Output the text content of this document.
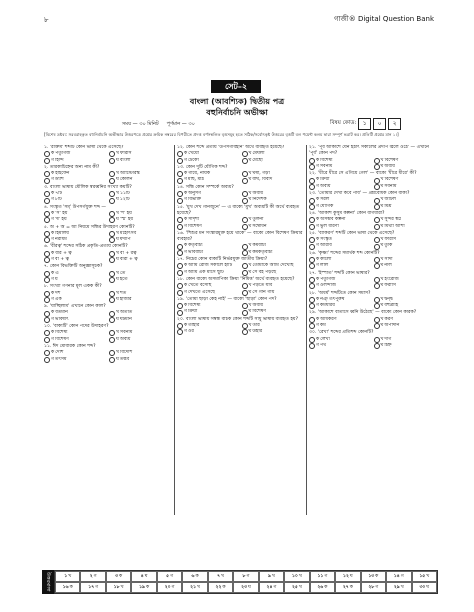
৮	গাজী® Digital Question Bank
সেট–২
বাংলা (আবশ্যিক) দ্বিতীয় পত্র
বহুনির্বাচনি অভীক্ষা
সময় — ৩০ মিনিট পূর্ণমান — ৩০	বিষয় কোড:	১	০	২
[বিশেষ দ্রষ্টব্য: সরবরাহকৃত বহুনির্বাচনি অভীক্ষার উত্তরপত্রে প্রশ্নের ক্রমিক নম্বরের বিপরীতে প্রদত্ত বর্ণসম্বলিত বৃত্তসমূহ হতে সঠিক/সর্বোৎকৃষ্ট উত্তরের বৃত্তটি বল পয়েন্ট কলম দ্বারা সম্পূর্ণ ভরাট কর। প্রতিটি প্রশ্নের মান ১।]
১. 'রক্তিম' শব্দটি কোন ভাষা থেকে এসেছে?
ক পর্তুগিজ	খ ফারসি
গ হিন্দি	ঘ বাংলা
২. তারকাচিহ্নের অন্য নাম কী?
ক হাইফেন	খ অ্যাস্টেরিস্ক
গ ড্যাশ	ঘ কোলন
৩. বাংলা ভাষায় মৌলিক স্বরধ্বনির সংখ্যা কয়টি?
ক ৭টি	খ ১১টি
গ ৮টি	ঘ ১২টি
৪. সংস্কৃত 'সম্' উপসর্গযুক্ত শব্দ —
ক 'স' হয়	খ 'শ' হয়
গ 'ষ' হয়	ঘ 'স্ম' হয়
৫. অ + অ = আ নিয়মে সন্ধির উদাহরণ কোনটি?
ক হিমালয়	খ মহোৎসব
গ নরাধম	ঘ যদ্যপি
৬. 'বীরত্ব' শব্দের সঠিক প্রকৃতি-প্রত্যয় কোনটি?
ক বীর + ত্ব	খ বী + রত্ব
গ বী + ত্ব	ঘ বীরা + ত্ব
৭. কোন বিভক্তিটি অনুজ্ঞাসূচক?
ক এ	খ তে
গ য়	ঘ হতে
৮. সংখ্যা গণনার মূল একক কী?
ক দশ	খ শত
গ এক	ঘ হাজার
৯. 'যাচ্ছিলাম' এখানে কোন কাল?
ক বর্তমান	খ অতীত
গ ভবিষ্যৎ	ঘ ঘটমান
১০. 'বাক্যটি' কোন পদের উদাহরণ?
ক বিশেষ্য	খ সর্বনাম
গ বিশেষণ	ঘ অব্যয়
১১. ঈদ মোবারক কোন শব্দ?
ক দেশি	খ বিদেশি
গ তৎসম	ঘ তদ্ভব
১২. কোন শব্দে প্রত্যয় 'উপসর্গবিহীন' অর্থে ব্যবহৃত হয়েছে?
ক খেয়ো	খ মেঘলা
গ টেকো	ঘ মেছো
১৩. কোন দুটি যৌগিক শব্দ?
ক গায়ে, নায়ক	খ ঘষা, গড়া
গ মাছ, মাঠ	ঘ বাঘ, বিবাদ
১৪. সন্ধি কোন সম্পর্কে অব্যয়?
ক অনুসর্গ	খ অব্যয়
গ বিভক্তি	ঘ নির্দেশক
১৫. 'মুখ দেখ গানজুনে' — এ বাক্যে 'মুখ' অব্যয়টি কী অর্থে ব্যবহৃত হয়েছে?
ক সাদৃশ্য	খ তুলনা
গ বিশেষণ	ঘ সম্বোধন
১৬. 'শিশুর মন সংস্কারমুক্ত হয়ে থাকে' — বাক্যে কোন বিশেষণ ক্রিয়ার ব্যবহার?
ক কর্তৃবাচ্য	খ কর্মবাচ্য
গ ভাববাচ্য	ঘ কর্মকর্তৃবাচ্য
১৭. নিচের কোন বাক্যটি নির্ভরযুক্ত জাতীয় ক্রিয়া?
ক আমি রোজ সকালে হাঁটি	খ তোমাকে আমি দেখেছি
গ আমি এক মাসে ছুটি	ঘ সে বই পড়ছে
১৮. কোন বাক্যে অসমাপিকা ক্রিয়া 'নিমিত্ত' অর্থে ব্যবহৃত হয়েছে?
ক খেতে বসেছি	খ পড়তে যাব
গ দেখতে এসেছে	ঘ সে গান গায়
১৯. 'তোমা ছাড়া কেহ নাই' — বাক্যে 'ছাড়া' কোন পদ?
ক বিশেষ্য	খ অব্যয়
গ ক্রিয়া	ঘ বিশেষণ
২০. বাংলা ভাষায় সম্বন্ধ বাচক কোন শব্দটি সাধু ভাষায় ব্যবহৃত হয়?
ক তাঁহার	খ তার
গ ওর	ঘ উহার
২১. 'পূর্ব আকাশে যেন হঠাৎ সকালের প্রদীপ জ্বলে ওঠে' — এখানে 'পূর্ব' কোন পদ?
ক বিশেষ্য	খ বিশেষণ
গ সর্বনাম	ঘ অব্যয়
২২. 'ধীরে ধীরে সে এগিয়ে গেল' — বাক্যে 'ধীরে ধীরে' কী?
ক ক্রিয়া	খ বিশেষণ
গ অব্যয়	ঘ সর্বনাম
২৩. 'তোমার দেখা কবে পাব' — প্রশ্নবোধক কোন বাক্য?
ক সরল	খ জটিল
গ যৌগিক	ঘ মিশ্র
২৪. 'আকাশ কুসুম কল্পনা' কোন বাগধারা?
ক অসম্ভব কল্পনা	খ সুন্দর স্বপ্ন
গ ভুল ধারণা	ঘ মিথ্যা আশা
২৫. 'ব্যাকরণ' শব্দটি কোন ভাষা থেকে এসেছে?
ক সংস্কৃত	খ ফারসি
গ আরবি	ঘ তুর্কি
২৬. 'কৃষ্ণা' শব্দের সমার্থক শব্দ কোনটি?
ক কালো	খ সাদা
গ লাল	ঘ নীল
২৭. 'ইস্পাত' শব্দটি কোন ভাষার?
ক পর্তুগিজ	খ ইংরেজি
গ ওলন্দাজ	ঘ ফরাসি
২৮. 'অধর্ম' শব্দটিতে কোন সমাস?
ক নঞ্ তৎপুরুষ	খ দ্বন্দ্ব
গ কর্মধারয়	ঘ বহুব্রীহি
২৯. 'আকাশে বাতাসে ধ্বনি উঠেছে' — বাক্যে কোন কারক?
ক অধিকরণ	খ করণ
গ কর্ম	ঘ অপাদান
৩০. 'রেখা' শব্দের প্রতিশব্দ কোনটি?
ক লেখা	খ দাগ
গ পথ	ঘ চিহ্ন
উত্তরমালা	১ খ	২ গ	৩ ক	৪ ঘ	৫ গ	৬ ক	৭ খ	৮ গ	৯ খ	১০ খ	১১ গ	১২ ঘ	১৩ ক	১৪ গ	১৫ খ
১৬ ক	১৭ গ	১৮ খ	১৯ ক	২০ গ	২১ খ	২২ ক	২৩ ঘ	২৪ গ	২৫ খ	২৬ ক	২৭ ক	২৮ গ	২৯ খ	৩০ ঘ
